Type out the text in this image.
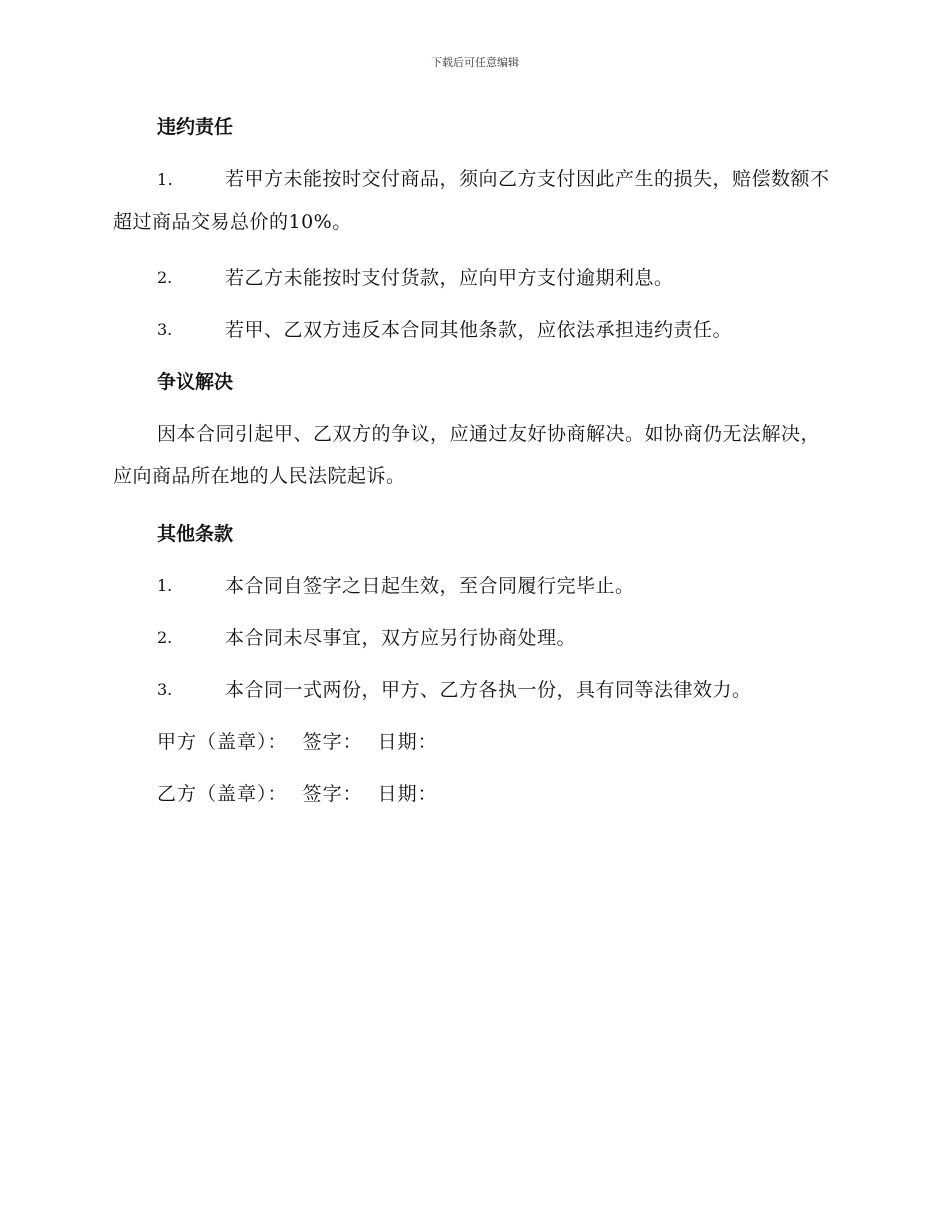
下载后可任意编辑
违约责任
1.	若甲方未能按时交付商品，须向乙方支付因此产生的损失，赔偿数额不超过商品交易总价的10%。
2.	若乙方未能按时支付货款，应向甲方支付逾期利息。
3.	若甲、乙双方违反本合同其他条款，应依法承担违约责任。
争议解决
因本合同引起甲、乙双方的争议，应通过友好协商解决。如协商仍无法解决，应向商品所在地的人民法院起诉。
其他条款
1.	本合同自签字之日起生效，至合同履行完毕止。
2.	本合同未尽事宜，双方应另行协商处理。
3.	本合同一式两份，甲方、乙方各执一份，具有同等法律效力。
甲方（盖章）： 签字： 日期：
乙方（盖章）： 签字： 日期：
